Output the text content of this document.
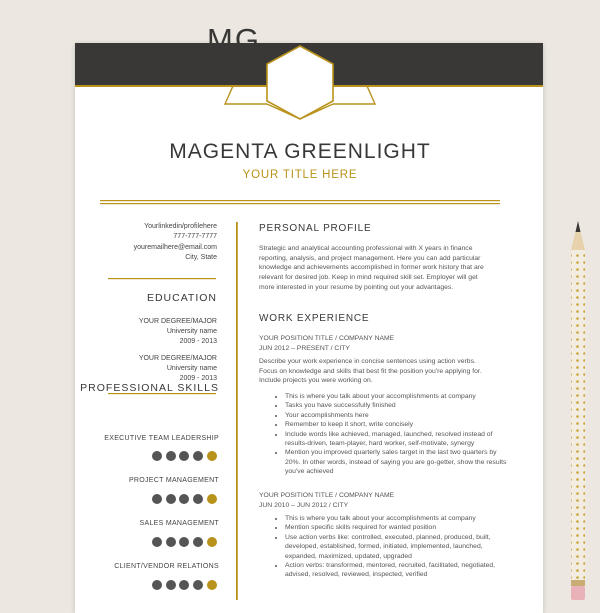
MG
MAGENTA GREENLIGHT
YOUR TITLE HERE
Yourlinkedin/profilehere
777-777-7777
youremailhere@email.com
City, State
EDUCATION
YOUR DEGREE/MAJOR
University name
2009 - 2013
YOUR DEGREE/MAJOR
University name
2009 - 2013
PROFESSIONAL SKILLS
EXECUTIVE TEAM LEADERSHIP
PROJECT MANAGEMENT
SALES MANAGEMENT
CLIENT/VENDOR RELATIONS
PERSONAL PROFILE
Strategic and analytical accounting professional with X years in finance reporting, analysis, and project management. Here you can add particular knowledge and achievements accomplished in former work history that are relevant for desired job. Keep in mind required skill set. Employer will get more interested in your resume by pointing out your advantages.
WORK EXPERIENCE
YOUR POSITION TITLE / COMPANY NAME
JUN 2012 – PRESENT / CITY
Describe your work experience in concise sentences using action verbs. Focus on knowledge and skills that best fit the position you're applying for. Include projects you were working on.
• This is where you talk about your accomplishments at company
• Tasks you have successfully finished
• Your accomplishments here
• Remember to keep it short, write concisely
• Include words like achieved, managed, launched, resolved instead of results-driven, team-player, hard worker, self-motivate, synergy
• Mention you improved quarterly sales target in the last two quarters by 20%. In other words, instead of saying you are go-getter, show the results you've achieved
YOUR POSITION TITLE / COMPANY NAME
JUN 2010 – JUN 2012 / CITY
• This is where you talk about your accomplishments at company
• Mention specific skills required for wanted position
• Use action verbs like: controlled, executed, planned, produced, built, developed, established, formed, initiated, implemented, launched, expanded, maximized, updated, upgraded
• Action verbs: transformed, mentored, recruited, facilitated, negotiated, advised, resolved, reviewed, inspected, verified
